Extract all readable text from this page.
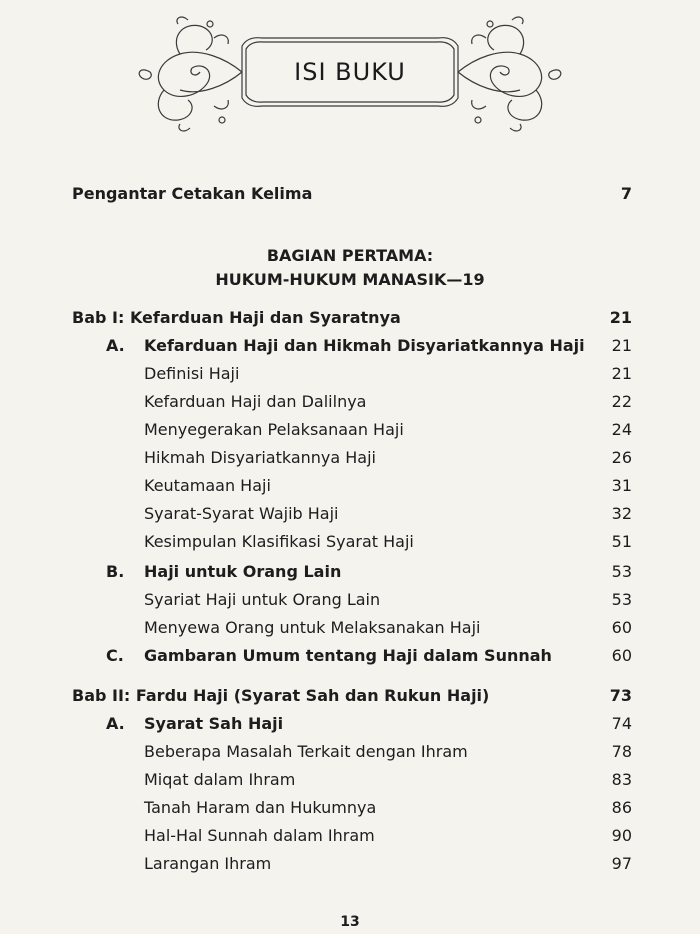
ISI BUKU
Pengantar Cetakan Kelima	7
BAGIAN PERTAMA:
HUKUM-HUKUM MANASIK—19
Bab I: Kefarduan Haji dan Syaratnya	21
A. Kefarduan Haji dan Hikmah Disyariatkannya Haji 21
Definisi Haji	21
Kefarduan Haji dan Dalilnya	22
Menyegerakan Pelaksanaan Haji	24
Hikmah Disyariatkannya Haji	26
Keutamaan Haji	31
Syarat-Syarat Wajib Haji	32
Kesimpulan Klasifikasi Syarat Haji	51
B. Haji untuk Orang Lain	53
Syariat Haji untuk Orang Lain	53
Menyewa Orang untuk Melaksanakan Haji	60
C. Gambaran Umum tentang Haji dalam Sunnah	60
Bab II: Fardu Haji (Syarat Sah dan Rukun Haji)	73
A. Syarat Sah Haji	74
Beberapa Masalah Terkait dengan Ihram	78
Miqat dalam Ihram	83
Tanah Haram dan Hukumnya	86
Hal-Hal Sunnah dalam Ihram	90
Larangan Ihram	97
13
